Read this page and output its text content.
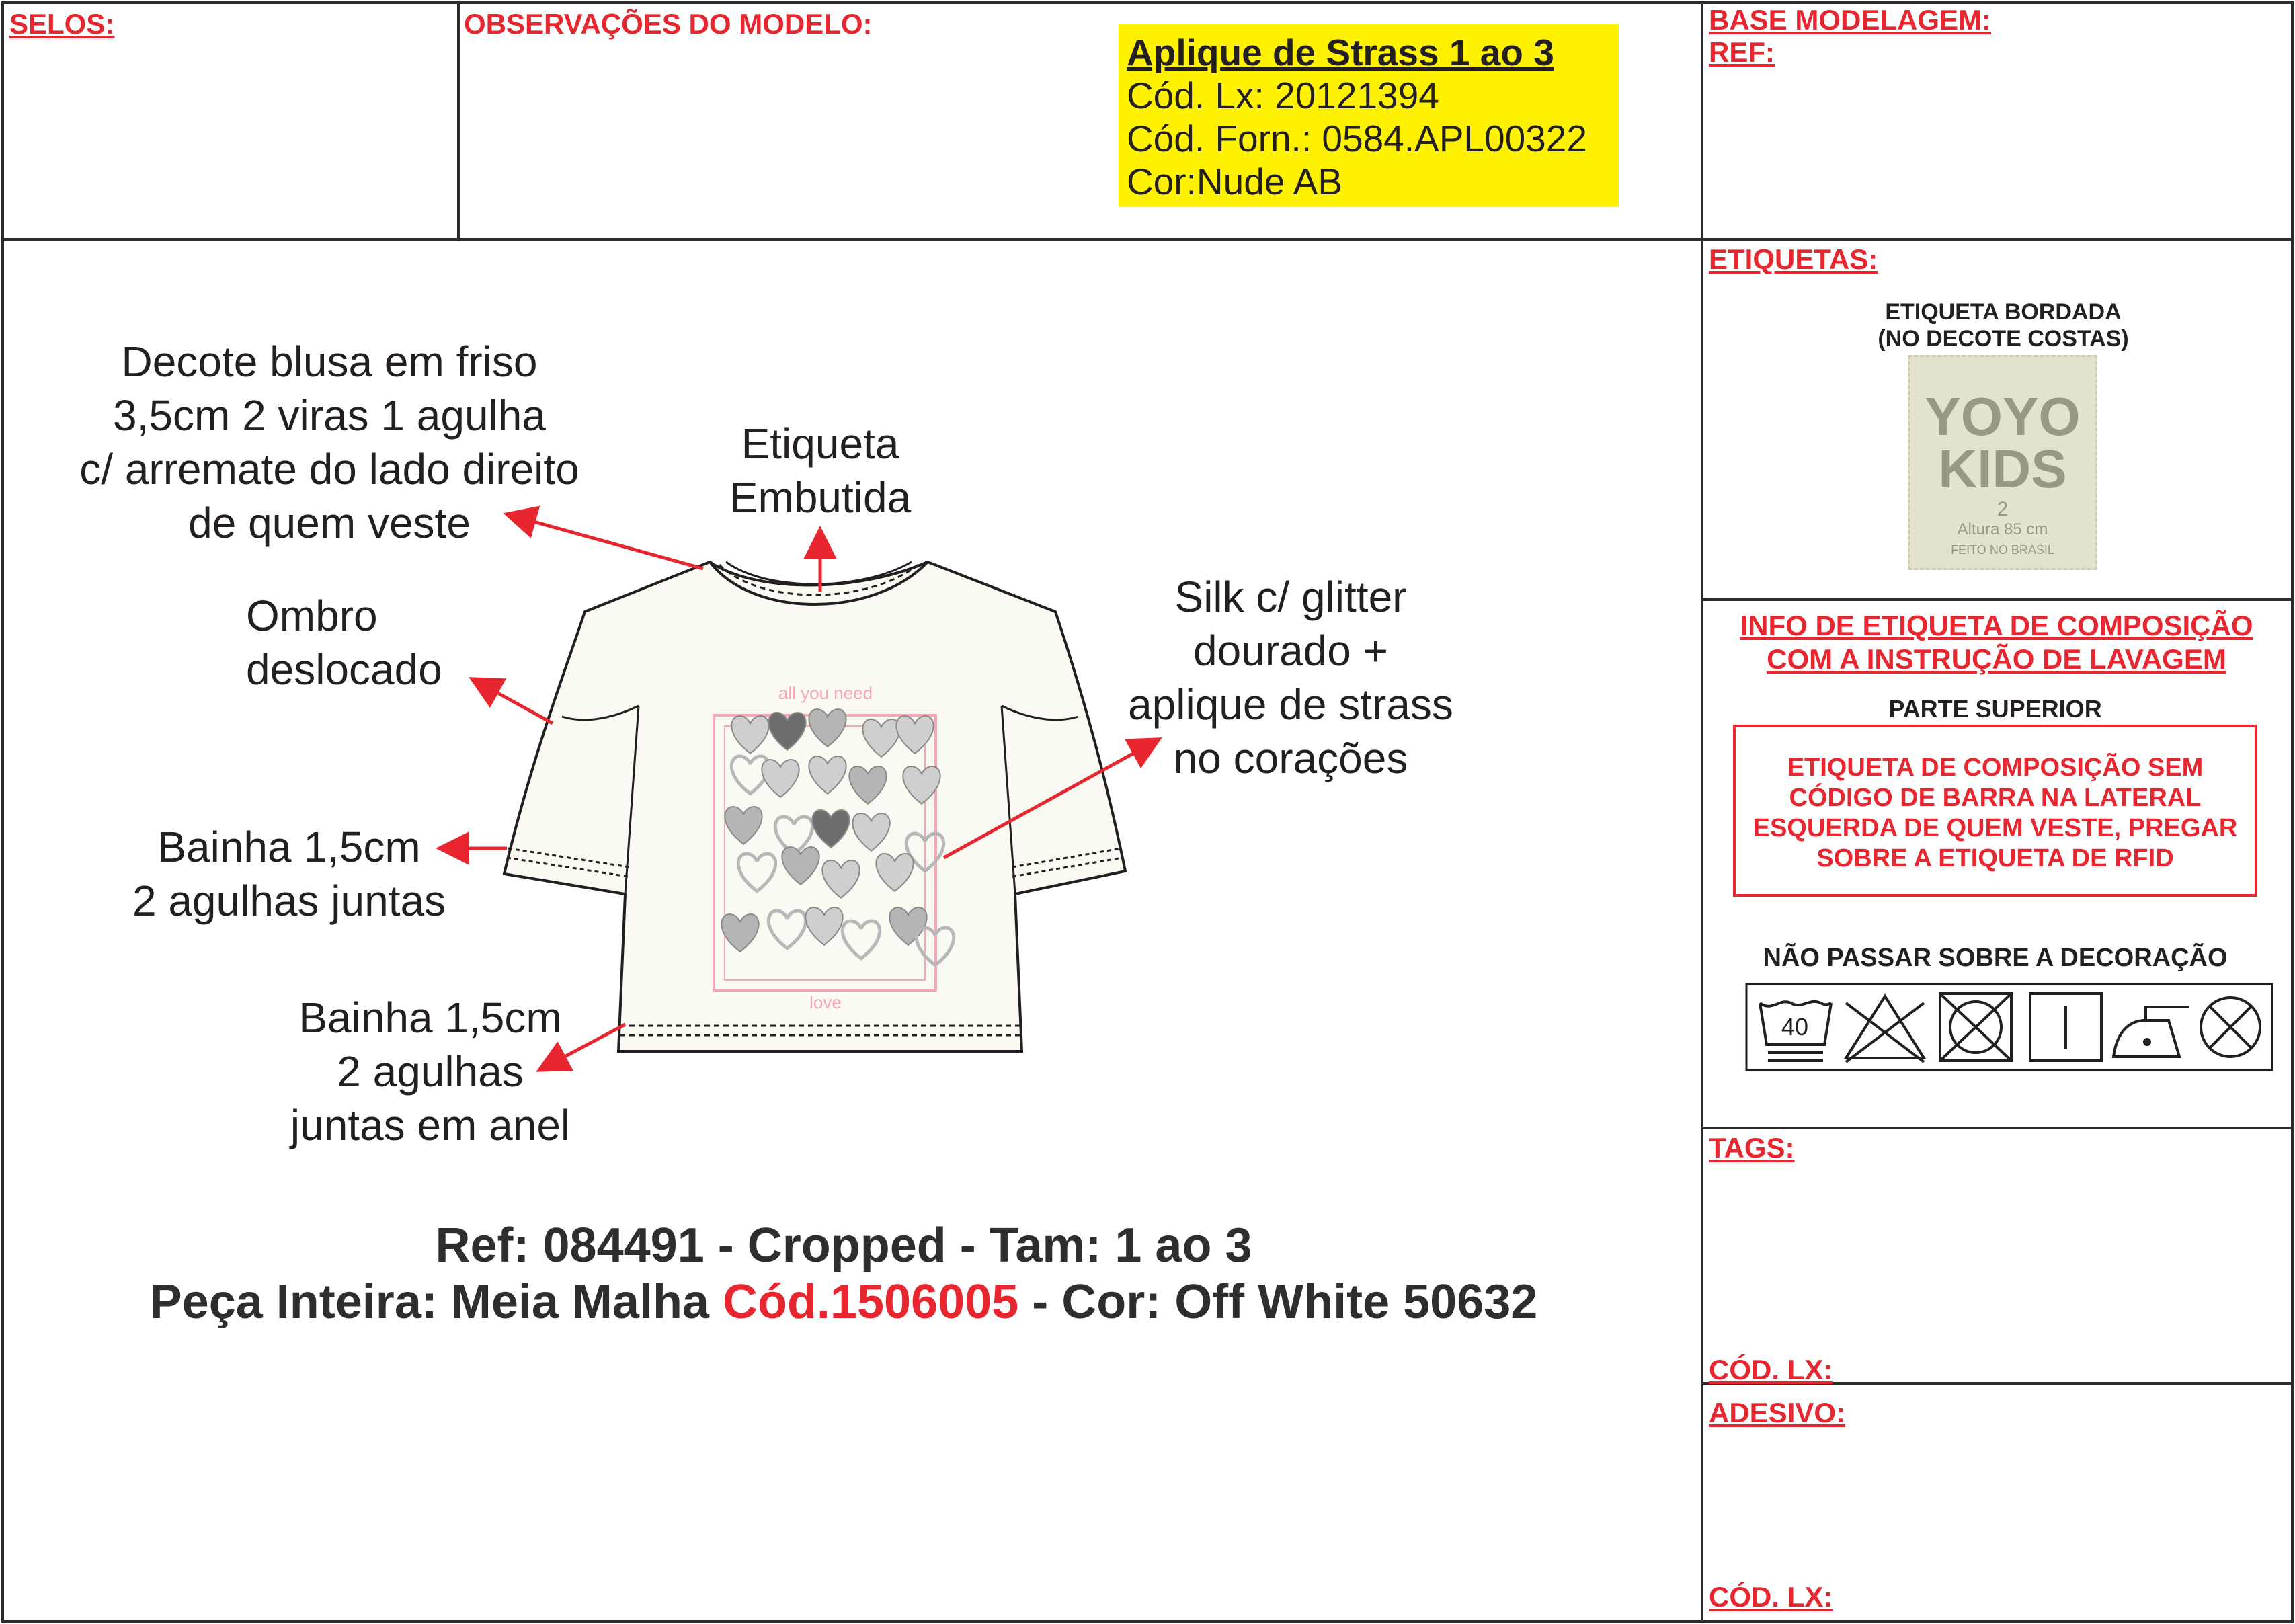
SELOS:	OBSERVAÇÕES DO MODELO:	BASE MODELAGEM:
REF:
Aplique de Strass 1 ao 3
Cód. Lx: 20121394
Cód. Forn.: 0584.APL00322
Cor:Nude AB
Decote blusa em friso
3,5cm 2 viras 1 agulha
c/ arremate do lado direito
de quem veste
Etiqueta
Embutida
Ombro
deslocado
Silk c/ glitter
dourado +
aplique de strass
no corações
Bainha 1,5cm
2 agulhas juntas
Bainha 1,5cm
2 agulhas
juntas em anel
all you need
love
Ref: 084491 - Cropped - Tam: 1 ao 3
Peça Inteira: Meia Malha Cód.1506005 - Cor: Off White 50632
ETIQUETAS:
ETIQUETA BORDADA
(NO DECOTE COSTAS)
YOYO
KIDS
2
Altura 85 cm
FEITO NO BRASIL
INFO DE ETIQUETA DE COMPOSIÇÃO
COM A INSTRUÇÃO DE LAVAGEM
PARTE SUPERIOR
ETIQUETA DE COMPOSIÇÃO SEM
CÓDIGO DE BARRA NA LATERAL
ESQUERDA DE QUEM VESTE, PREGAR
SOBRE A ETIQUETA DE RFID
NÃO PASSAR SOBRE A DECORAÇÃO
40
TAGS:
CÓD. LX:
ADESIVO:
CÓD. LX:
